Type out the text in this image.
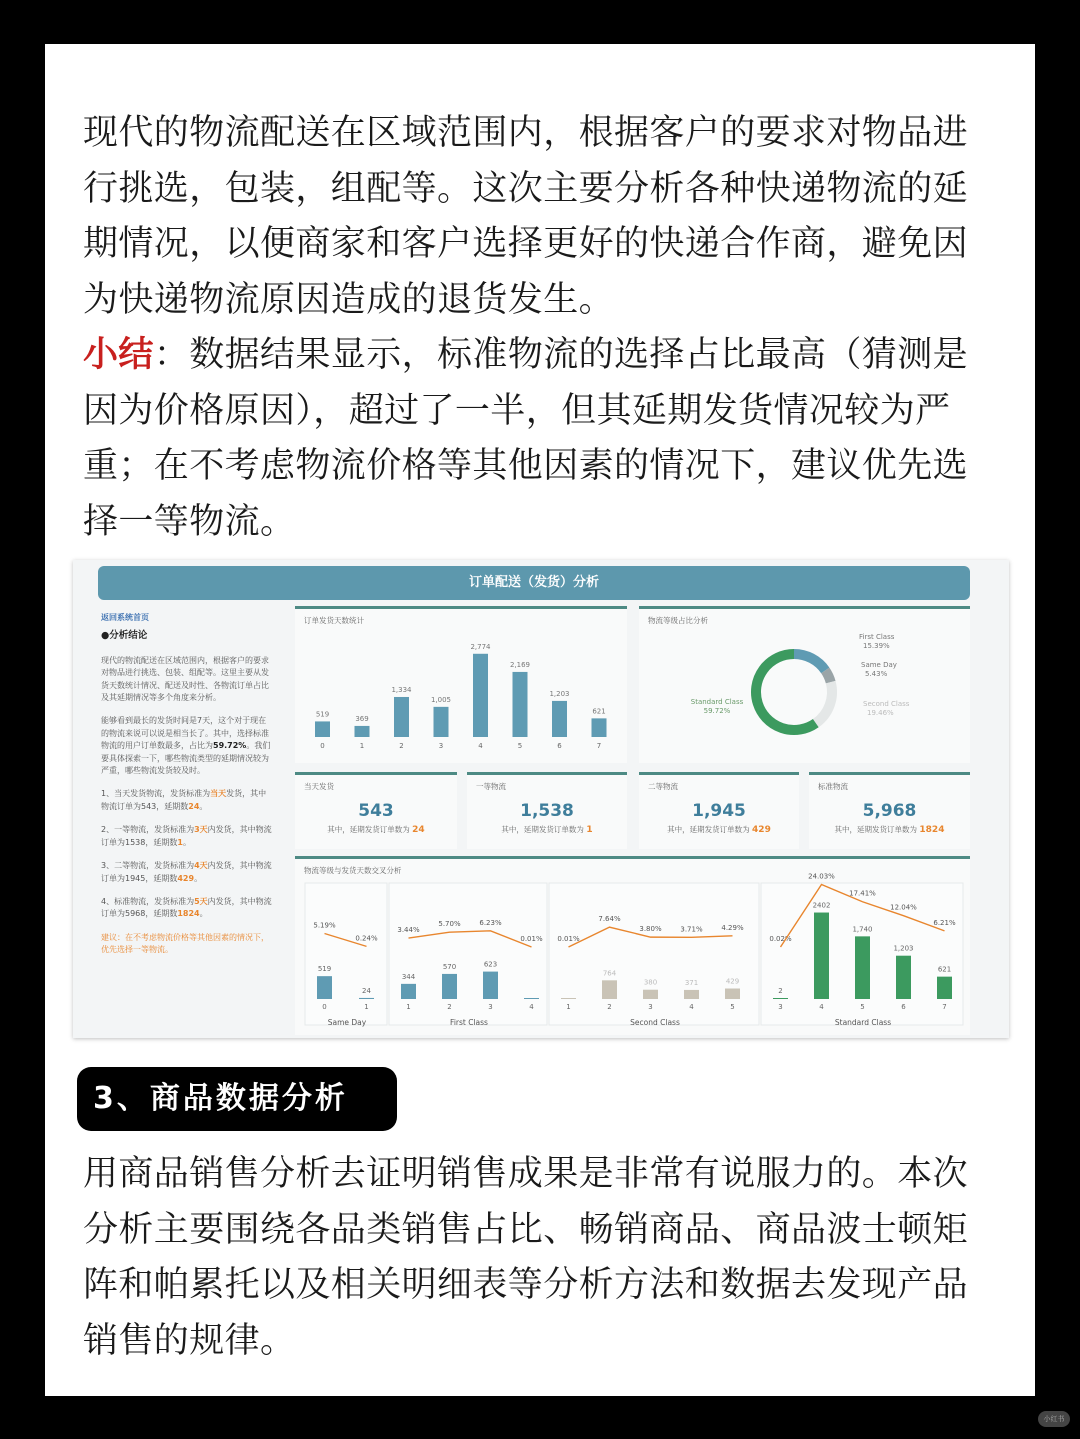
现代的物流配送在区域范围内，根据客户的要求对物品进行挑选，包装，组配等。这次主要分析各种快递物流的延期情况，以便商家和客户选择更好的快递合作商，避免因为快递物流原因造成的退货发生。
小结：数据结果显示，标准物流的选择占比最高（猜测是因为价格原因），超过了一半，但其延期发货情况较为严重；在不考虑物流价格等其他因素的情况下，建议优先选择一等物流。

订单配送（发货）分析
返回系统首页
●分析结论

现代的物流配送在区域范围内，根据客户的要求对物品进行挑选、包装、组配等。这里主要从发货天数统计情况、配送及时性、各物流订单占比及其延期情况等多个角度来分析。

能够看到最长的发货时间是7天，这个对于现在的物流来说可以说是相当长了。其中，选择标准物流的用户订单数最多，占比为59.72%。我们要具体探索一下，哪些物流类型的延期情况较为严重，哪些物流发货较及时。

1、当天发货物流，发货标准为当天发货，其中物流订单为543，延期数24。

2、一等物流，发货标准为3天内发货，其中物流订单为1538，延期数1。

3、二等物流，发货标准为4天内发货，其中物流订单为1945，延期数429。

4、标准物流，发货标准为5天内发货，其中物流订单为5968，延期数1824。

建议：在不考虑物流价格等其他因素的情况下，优先选择一等物流。

订单发货天数统计
519
0
369
1
1,334
2
1,005
3
2,774
4
2,169
5
1,203
6
621
7
物流等级占比分析
First Class
15.39%
Same Day
5.43%
Second Class
19.46%
Standard Class
59.72%
当天发货
543
其中，延期发货订单数为 24
一等物流
1,538
其中，延期发货订单数为 1
二等物流
1,945
其中，延期发货订单数为 429
标准物流
5,968
其中，延期发货订单数为 1824
物流等级与发货天数交叉分析
519
0
5.19%
24
1
0.24%
Same Day
344
1
3.44%
570
2
5.70%
623
3
6.23%
4
0.01%
First Class
1
0.01%
764
2
7.64%
380
3
3.80%
371
4
3.71%
429
5
4.29%
Second Class
2
3
0.02%
2402
4
24.03%
1,740
5
17.41%
1,203
6
12.04%
621
7
6.21%
Standard Class
3、商品数据分析

用商品销售分析去证明销售成果是非常有说服力的。本次分析主要围绕各品类销售占比、畅销商品、商品波士顿矩阵和帕累托以及相关明细表等分析方法和数据去发现产品销售的规律。

小红书
